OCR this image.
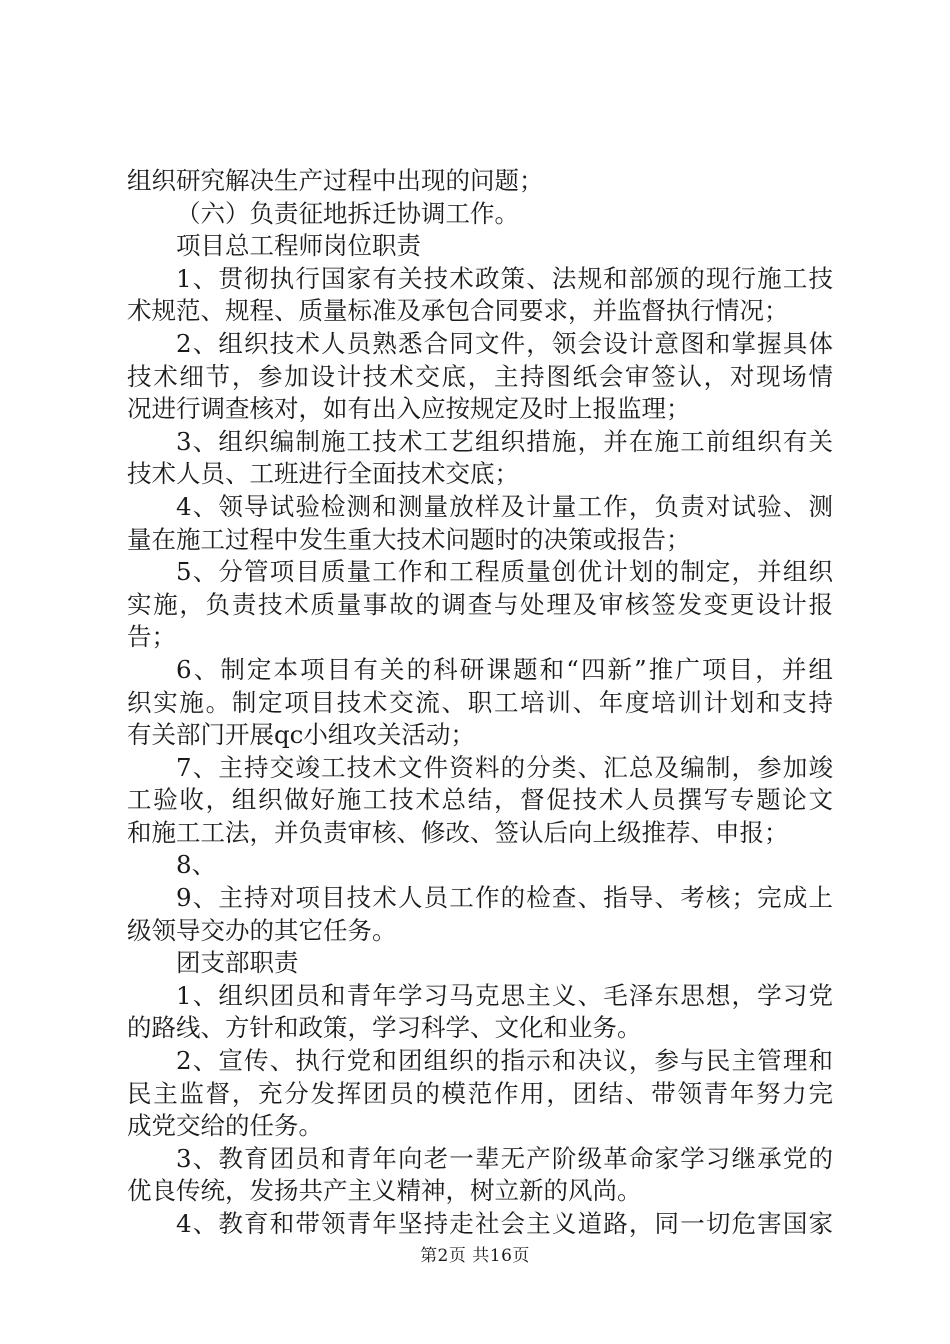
组织研究解决生产过程中出现的问题；
（六）负责征地拆迁协调工作。
项目总工程师岗位职责
1、贯彻执行国家有关技术政策、法规和部颁的现行施工技
术规范、规程、质量标准及承包合同要求，并监督执行情况；
2、组织技术人员熟悉合同文件，领会设计意图和掌握具体
技术细节，参加设计技术交底，主持图纸会审签认，对现场情
况进行调查核对，如有出入应按规定及时上报监理；
3、组织编制施工技术工艺组织措施，并在施工前组织有关
技术人员、工班进行全面技术交底；
4、领导试验检测和测量放样及计量工作，负责对试验、测
量在施工过程中发生重大技术问题时的决策或报告；
5、分管项目质量工作和工程质量创优计划的制定，并组织
实施，负责技术质量事故的调查与处理及审核签发变更设计报
告；
6、制定本项目有关的科研课题和“四新”推广项目，并组
织实施。制定项目技术交流、职工培训、年度培训计划和支持
有关部门开展qc小组攻关活动；
7、主持交竣工技术文件资料的分类、汇总及编制，参加竣
工验收，组织做好施工技术总结，督促技术人员撰写专题论文
和施工工法，并负责审核、修改、签认后向上级推荐、申报；
8、
9、主持对项目技术人员工作的检查、指导、考核；完成上
级领导交办的其它任务。
团支部职责
1、组织团员和青年学习马克思主义、毛泽东思想，学习党
的路线、方针和政策，学习科学、文化和业务。
2、宣传、执行党和团组织的指示和决议，参与民主管理和
民主监督，充分发挥团员的模范作用，团结、带领青年努力完
成党交给的任务。
3、教育团员和青年向老一辈无产阶级革命家学习继承党的
优良传统，发扬共产主义精神，树立新的风尚。
4、教育和带领青年坚持走社会主义道路，同一切危害国家
第2页 共16页
